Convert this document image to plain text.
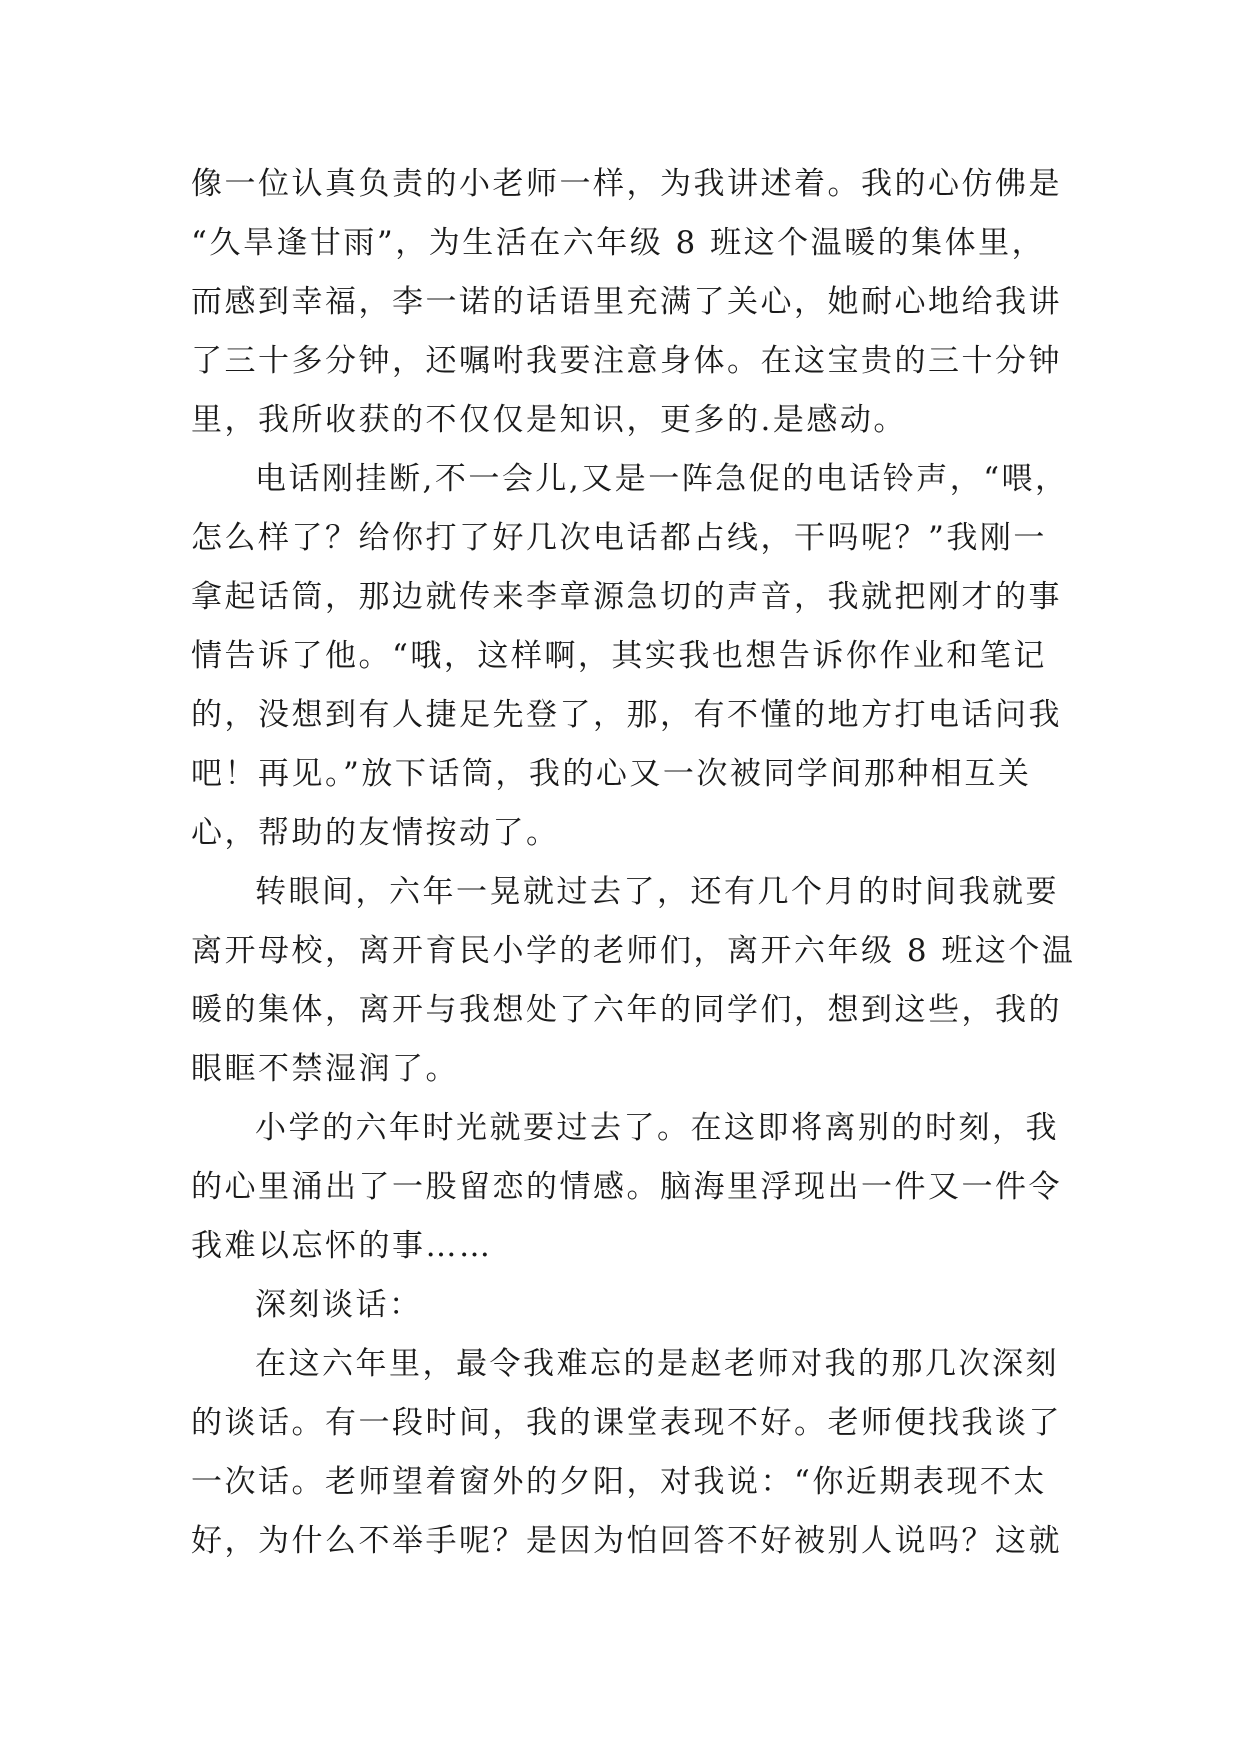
像一位认真负责的小老师一样，为我讲述着。我的心仿佛是
“久旱逢甘雨”，为生活在六年级 8 班这个温暖的集体里，
而感到幸福，李一诺的话语里充满了关心，她耐心地给我讲
了三十多分钟，还嘱咐我要注意身体。在这宝贵的三十分钟
里，我所收获的不仅仅是知识，更多的.是感动。
电话刚挂断,不一会儿,又是一阵急促的电话铃声，“喂，
怎么样了？给你打了好几次电话都占线，干吗呢？”我刚一
拿起话筒，那边就传来李章源急切的声音，我就把刚才的事
情告诉了他。“哦，这样啊，其实我也想告诉你作业和笔记
的，没想到有人捷足先登了，那，有不懂的地方打电话问我
吧！再见。”放下话筒，我的心又一次被同学间那种相互关
心，帮助的友情按动了。
转眼间，六年一晃就过去了，还有几个月的时间我就要
离开母校，离开育民小学的老师们，离开六年级 8 班这个温
暖的集体，离开与我想处了六年的同学们，想到这些，我的
眼眶不禁湿润了。
小学的六年时光就要过去了。在这即将离别的时刻，我
的心里涌出了一股留恋的情感。脑海里浮现出一件又一件令
我难以忘怀的事……
深刻谈话：
在这六年里，最令我难忘的是赵老师对我的那几次深刻
的谈话。有一段时间，我的课堂表现不好。老师便找我谈了
一次话。老师望着窗外的夕阳，对我说：“你近期表现不太
好，为什么不举手呢？是因为怕回答不好被别人说吗？这就
